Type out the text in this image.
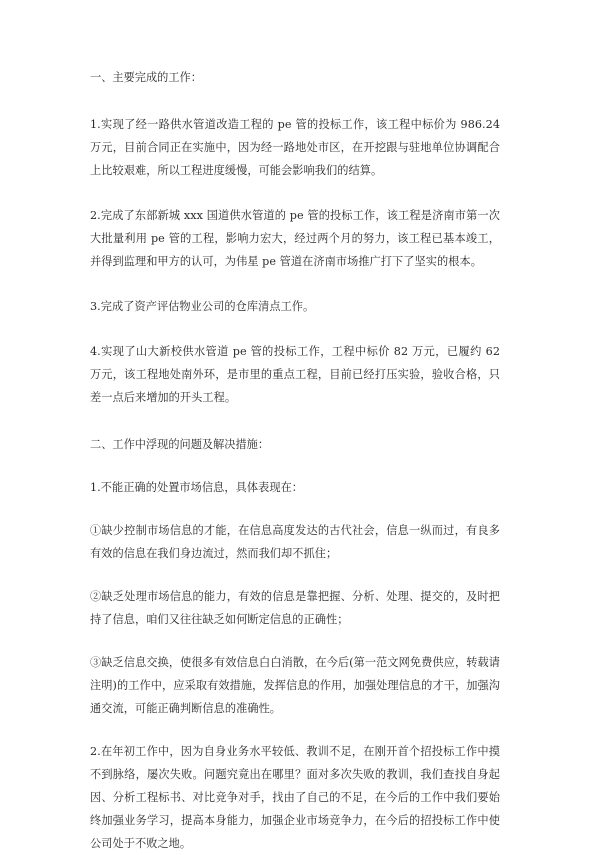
一、主要完成的工作：

1.实现了经一路供水管道改造工程的 pe 管的投标工作，该工程中标价为 986.24 万元，目前合同正在实施中，因为经一路地处市区，在开挖跟与驻地单位协调配合上比较艰难，所以工程进度缓慢，可能会影响我们的结算。

2.完成了东部新城 xxx 国道供水管道的 pe 管的投标工作，该工程是济南市第一次大批量利用 pe 管的工程，影响力宏大，经过两个月的努力，该工程已基本竣工，并得到监理和甲方的认可，为伟星 pe 管道在济南市场推广打下了坚实的根本。

3.完成了资产评估物业公司的仓库清点工作。

4.实现了山大新校供水管道 pe 管的投标工作，工程中标价 82 万元，已履约 62 万元，该工程地处南外环，是市里的重点工程，目前已经打压实验，验收合格，只差一点后来增加的开头工程。

二、工作中浮现的问题及解决措施：

1.不能正确的处置市场信息，具体表现在：

①缺少控制市场信息的才能，在信息高度发达的古代社会，信息一纵而过，有良多有效的信息在我们身边流过，然而我们却不抓住；

②缺乏处理市场信息的能力，有效的信息是靠把握、分析、处理、提交的，及时把持了信息，咱们又往往缺乏如何断定信息的正确性；

③缺乏信息交换，使很多有效信息白白消散，在今后(第一范文网免费供应，转载请注明)的工作中，应采取有效措施，发挥信息的作用，加强处理信息的才干，加强沟通交流，可能正确判断信息的准确性。

2.在年初工作中，因为自身业务水平较低、教训不足，在刚开首个招投标工作中摸不到脉络，屡次失败。问题究竟出在哪里？面对多次失败的教训，我们查找自身起因、分析工程标书、对比竞争对手，找由了自己的不足，在今后的工作中我们要始终加强业务学习，提高本身能力，加强企业市场竞争力，在今后的招投标工作中使公司处于不败之地。
